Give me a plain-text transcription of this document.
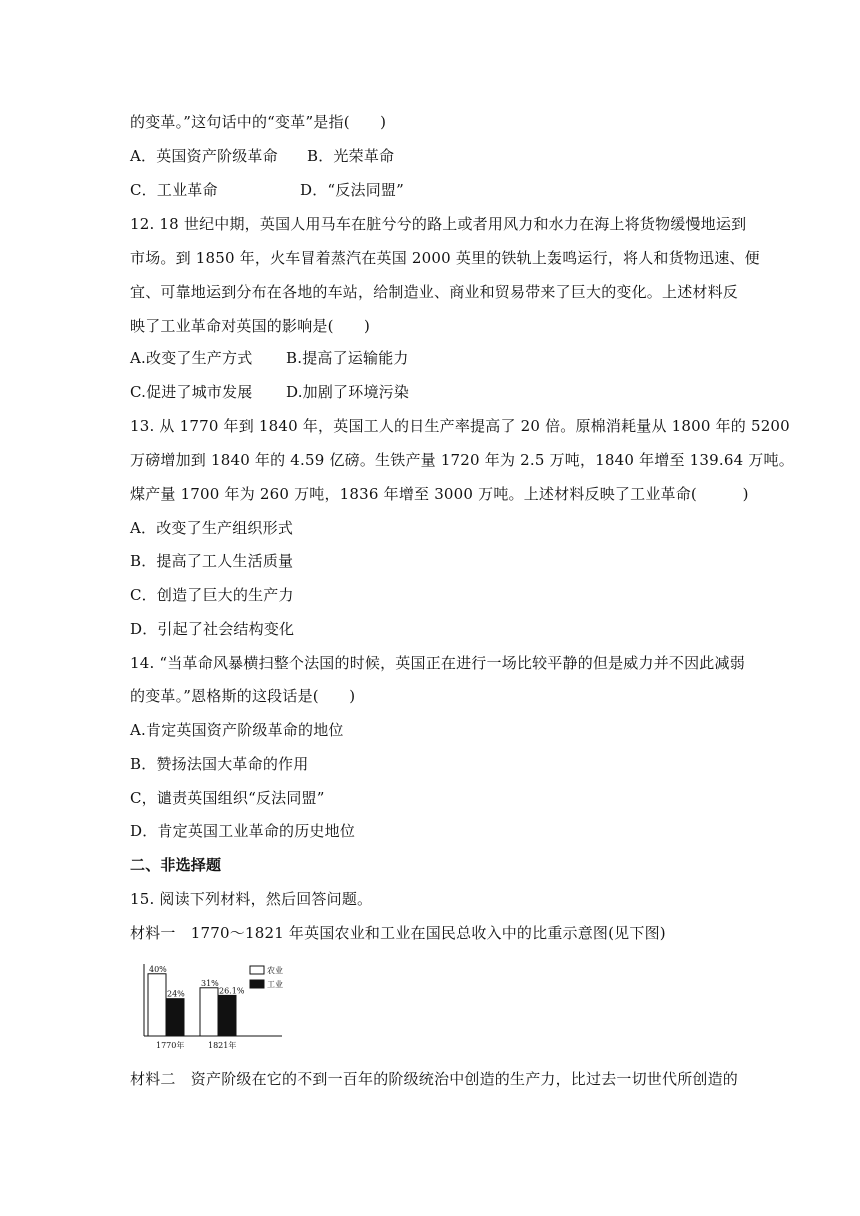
的变革。”这句话中的“变革”是指(　　)
A．英国资产阶级革命 B．光荣革命
C．工业革命	D．“反法同盟”
12. 18 世纪中期，英国人用马车在脏兮兮的路上或者用风力和水力在海上将货物缓慢地运到
市场。到 1850 年，火车冒着蒸汽在英国 2000 英里的铁轨上轰鸣运行，将人和货物迅速、便
宜、可靠地运到分布在各地的车站，给制造业、商业和贸易带来了巨大的变化。上述材料反
映了工业革命对英国的影响是(　　)
A.改变了生产方式 B.提高了运输能力
C.促进了城市发展 D.加剧了环境污染
13. 从 1770 年到 1840 年，英国工人的日生产率提高了 20 倍。原棉消耗量从 1800 年的 5200
万磅增加到 1840 年的 4.59 亿磅。生铁产量 1720 年为 2.5 万吨，1840 年增至 139.64 万吨。
煤产量 1700 年为 260 万吨，1836 年增至 3000 万吨。上述材料反映了工业革命(　　　)
A．改变了生产组织形式
B．提高了工人生活质量
C．创造了巨大的生产力
D．引起了社会结构变化
14. “当革命风暴横扫整个法国的时候，英国正在进行一场比较平静的但是威力并不因此减弱
的变革。”恩格斯的这段话是(　　)
A.肯定英国资产阶级革命的地位
B．赞扬法国大革命的作用
C，谴责英国组织“反法同盟”
D．肯定英国工业革命的历史地位
二、非选择题
15. 阅读下列材料，然后回答问题。
材料一　1770～1821 年英国农业和工业在国民总收入中的比重示意图(见下图)
40%
31%
24%	26.1%
1770年	1821年
农业
工业
材料二　资产阶级在它的不到一百年的阶级统治中创造的生产力，比过去一切世代所创造的
